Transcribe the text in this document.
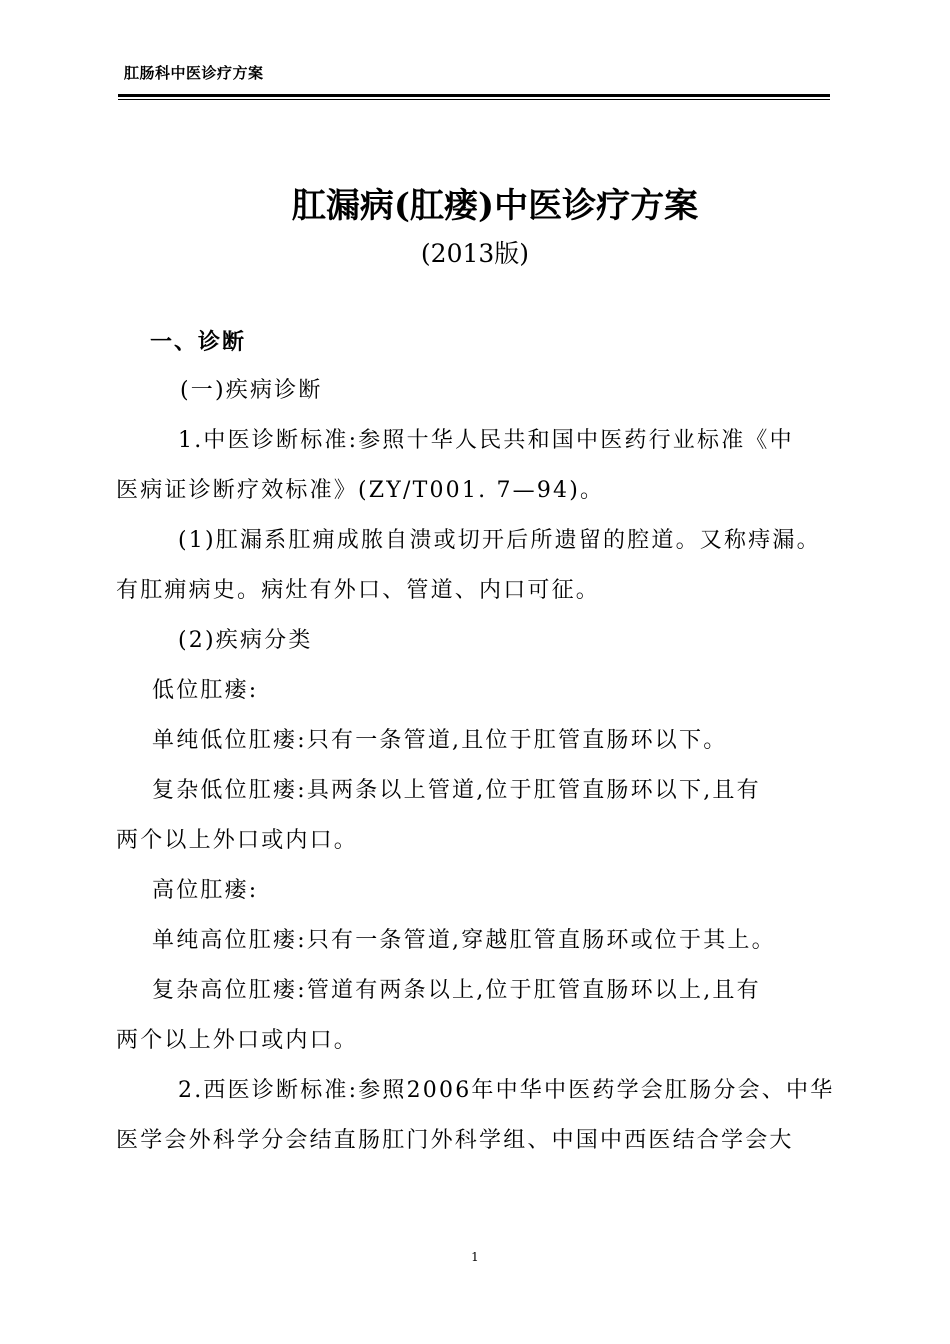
肛肠科中医诊疗方案
肛漏病(肛瘘)中医诊疗方案
(2013版)
一、诊断
(一)疾病诊断
1.中医诊断标准:参照十华人民共和国中医药行业标准《中
医病证诊断疗效标准》(ZY/T001. 7—94)。
(1)肛漏系肛痈成脓自溃或切开后所遗留的腔道。又称痔漏。
有肛痈病史。病灶有外口、管道、内口可征。
(2)疾病分类
低位肛瘘:
单纯低位肛瘘:只有一条管道,且位于肛管直肠环以下。
复杂低位肛瘘:具两条以上管道,位于肛管直肠环以下,且有
两个以上外口或内口。
高位肛瘘:
单纯高位肛瘘:只有一条管道,穿越肛管直肠环或位于其上。
复杂高位肛瘘:管道有两条以上,位于肛管直肠环以上,且有
两个以上外口或内口。
2.西医诊断标准:参照2006年中华中医药学会肛肠分会、中华
医学会外科学分会结直肠肛门外科学组、中国中西医结合学会大
1
